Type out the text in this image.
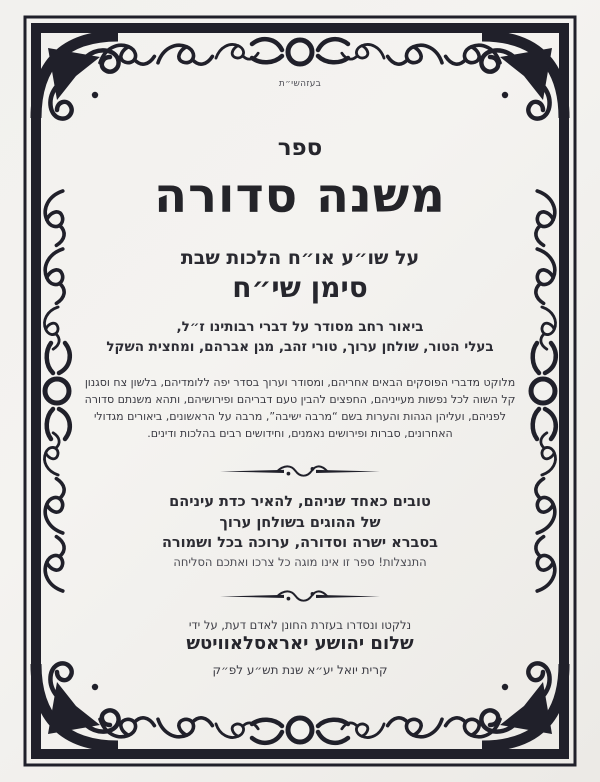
בעזהשי״ת
ספר
משנה סדורה
על שו״ע או״ח הלכות שבת
סימן שי״ח
ביאור רחב מסודר על דברי רבותינו ז״ל,
בעלי הטור, שולחן ערוך, טורי זהב, מגן אברהם, ומחצית השקל
מלוקט מדברי הפוסקים הבאים אחריהם, ומסודר וערוך בסדר יפה ללומדיהם, בלשון צח וסגנון
קל השוה לכל נפשות מעייניהם, החפצים להבין טעם דבריהם ופירושיהם, ותהא משנתם סדורה
לפניהם, ועליהן הגהות והערות בשם “מרבה ישיבה”, מרבה על הראשונים, ביאורים מגדולי
האחרונים, סברות ופירושים נאמנים, וחידושים רבים בהלכות ודינים.
טובים כאחד שניהם, להאיר כדת עיניהם
של ההוגים בשולחן ערוך
בסברא ישרה וסדורה, ערוכה בכל ושמורה
התנצלות! ספר זו אינו מוגה כל צרכו ואתכם הסליחה
נלקטו ונסדרו בעזרת החונן לאדם דעת, על ידי
שלום יהושע יאראסלאוויטש
קרית יואל יע״א שנת תש״ע לפ״ק
